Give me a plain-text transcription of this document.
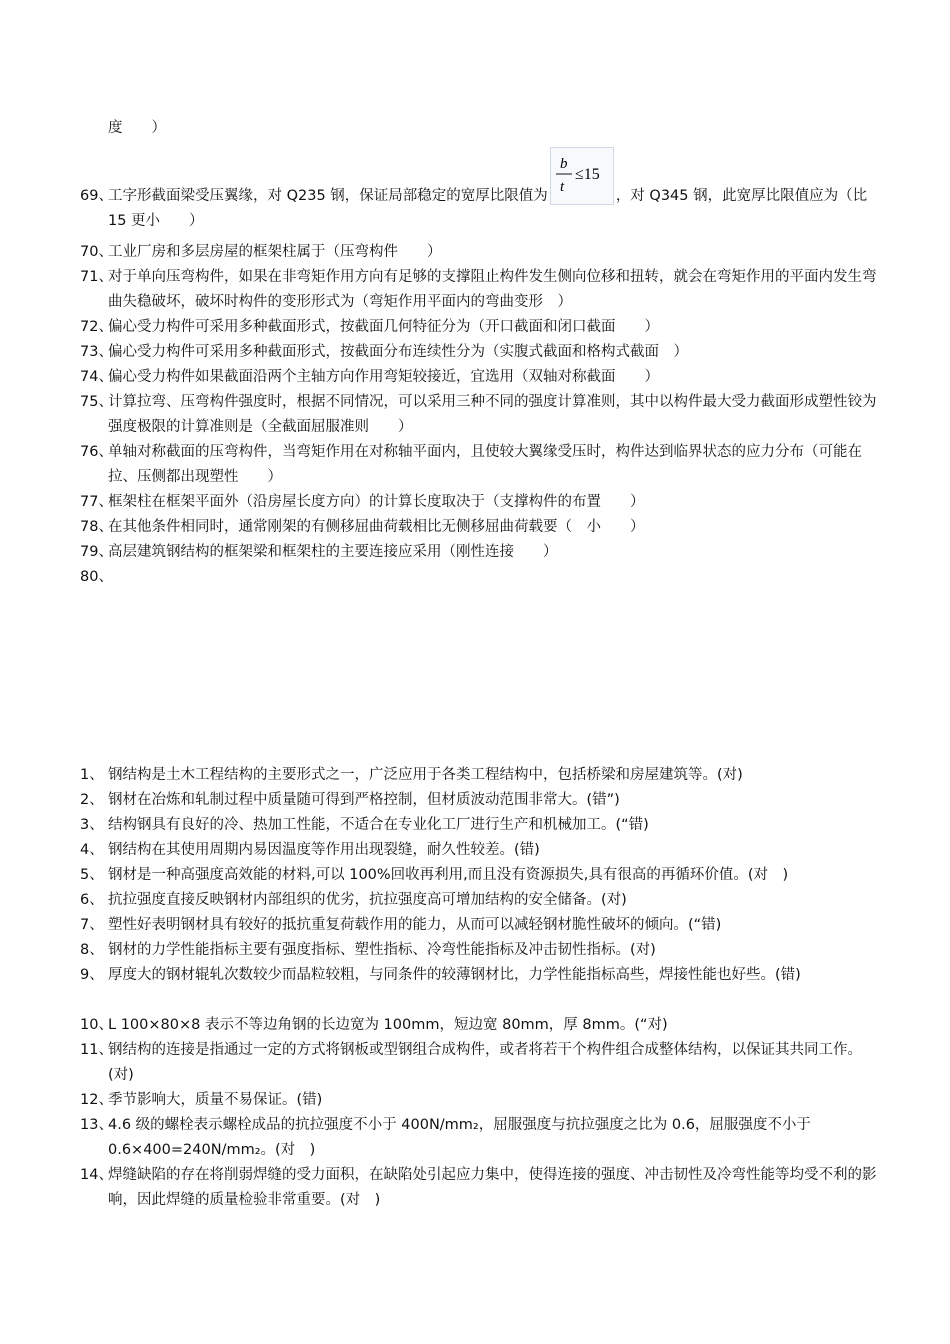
度　　）
69、
工字形截面梁受压翼缘，对 Q235 钢，保证局部稳定的宽厚比限值为
b
t
≤15
，对 Q345 钢，此宽厚比限值应为（比 15 更小　　）
70、
工业厂房和多层房屋的框架柱属于（压弯构件　　）
71、
对于单向压弯构件，如果在非弯矩作用方向有足够的支撑阻止构件发生侧向位移和扭转，就会在弯矩作用的平面内发生弯曲失稳破坏，破坏时构件的变形形式为（弯矩作用平面内的弯曲变形　）
72、
偏心受力构件可采用多种截面形式，按截面几何特征分为（开口截面和闭口截面　　）
73、
偏心受力构件可采用多种截面形式，按截面分布连续性分为（实腹式截面和格构式截面　）
74、
偏心受力构件如果截面沿两个主轴方向作用弯矩较接近，宜选用（双轴对称截面　　）
75、
计算拉弯、压弯构件强度时，根据不同情况，可以采用三种不同的强度计算准则，其中以构件最大受力截面形成塑性铰为强度极限的计算准则是（全截面屈服准则　　）
76、
单轴对称截面的压弯构件，当弯矩作用在对称轴平面内，且使较大翼缘受压时，构件达到临界状态的应力分布（可能在拉、压侧都出现塑性　　）
77、
框架柱在框架平面外（沿房屋长度方向）的计算长度取决于（支撑构件的布置　　）
78、
在其他条件相同时，通常刚架的有侧移屈曲荷载相比无侧移屈曲荷载要（　小　　）
79、
高层建筑钢结构的框架梁和框架柱的主要连接应采用（刚性连接　　）
80、
1、 钢结构是土木工程结构的主要形式之一，广泛应用于各类工程结构中，包括桥梁和房屋建筑等。(对)
2、 钢材在冶炼和轧制过程中质量随可得到严格控制，但材质波动范围非常大。(错”)
3、 结构钢具有良好的冷、热加工性能，不适合在专业化工厂进行生产和机械加工。(“错)
4、 钢结构在其使用周期内易因温度等作用出现裂缝，耐久性较差。(错)
5、 钢材是一种高强度高效能的材料,可以 100%回收再利用,而且没有资源损失,具有很高的再循环价值。(对　)
6、 抗拉强度直接反映钢材内部组织的优劣，抗拉强度高可增加结构的安全储备。(对)
7、 塑性好表明钢材具有较好的抵抗重复荷载作用的能力，从而可以减轻钢材脆性破坏的倾向。(“错)
8、 钢材的力学性能指标主要有强度指标、塑性指标、冷弯性能指标及冲击韧性指标。(对)
9、 厚度大的钢材辊轧次数较少而晶粒较粗，与同条件的较薄钢材比，力学性能指标高些，焊接性能也好些。(错)
10、
L 100×80×8 表示不等边角钢的长边宽为 100mm，短边宽 80mm，厚 8mm。(“对)
11、
钢结构的连接是指通过一定的方式将钢板或型钢组合成构件，或者将若干个构件组合成整体结构，以保证其共同工作。(对)
12、
季节影响大，质量不易保证。(错)
13、
4.6 级的螺栓表示螺栓成品的抗拉强度不小于 400N/mm₂，屈服强度与抗拉强度之比为 0.6，屈服强度不小于 0.6×400=240N/mm₂。(对　)
14、
焊缝缺陷的存在将削弱焊缝的受力面积，在缺陷处引起应力集中，使得连接的强度、冲击韧性及冷弯性能等均受不利的影响，因此焊缝的质量检验非常重要。(对　)
